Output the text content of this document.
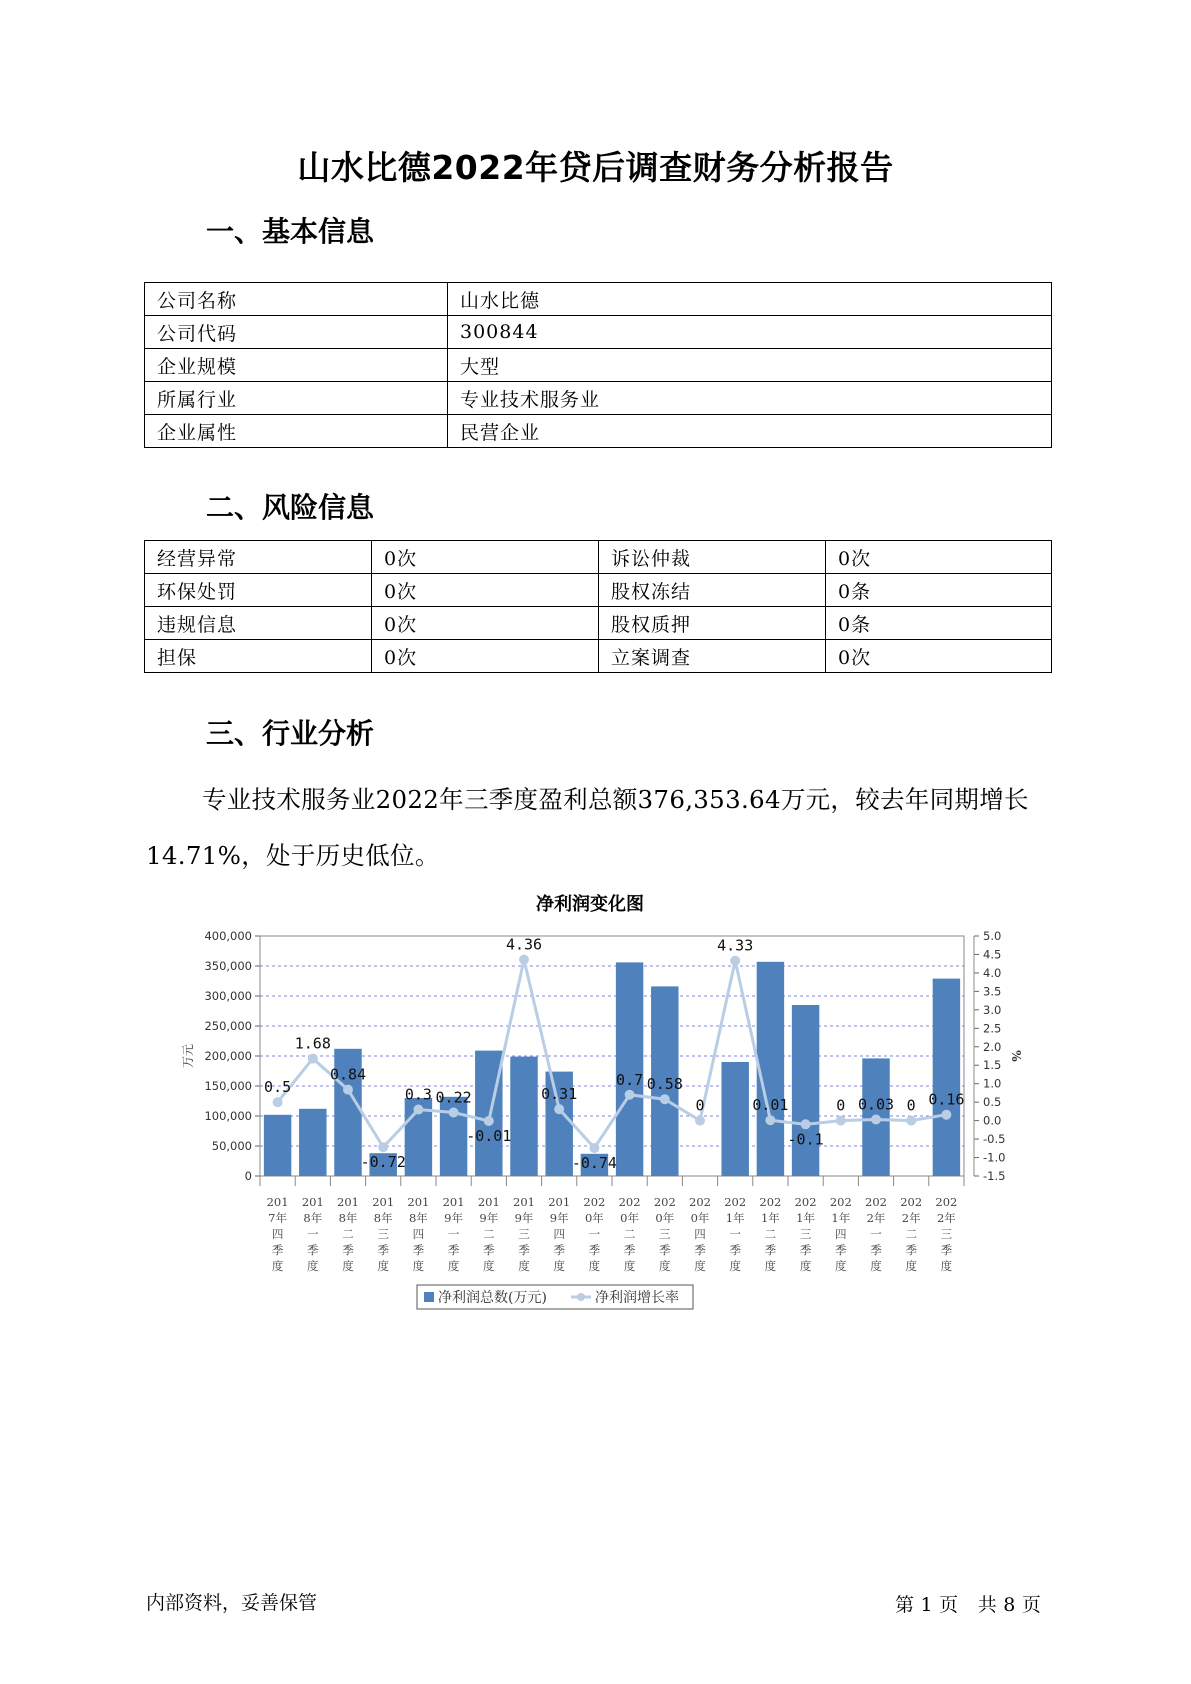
山水比德2022年贷后调查财务分析报告
一、基本信息
公司名称	山水比德
公司代码	300844
企业规模	大型
所属行业	专业技术服务业
企业属性	民营企业
二、风险信息
经营异常	0次	诉讼仲裁	0次
环保处罚	0次	股权冻结	0条
违规信息	0次	股权质押	0条
担保	0次	立案调查	0次
三、行业分析
专业技术服务业2022年三季度盈利总额376,353.64万元，较去年同期增长14.71%，处于历史低位。
净利润变化图
400,000
350,000
300,000
250,000
200,000
150,000
100,000
50,000
0
5.0
4.5
4.0
3.5
3.0
2.5
2.0
1.5
1.0
0.5
0.0
-0.5
-1.0
-1.5
万元	%
0.5
1.68
0.84
-0.72
0.3 0.22
-0.01
4.36
0.31
-0.74
0.7 0.58
0
4.33
0.01
-0.1
0 0.03 0 0.16
201 7年四季度
201 8年一季度
201 8年二季度
201 8年三季度
201 8年四季度
201 9年一季度
201 9年二季度
201 9年三季度
201 9年四季度
202 0年一季度
202 0年二季度
202 0年三季度
202 0年四季度
202 1年一季度
202 1年二季度
202 1年三季度
202 1年四季度
202 2年一季度
202 2年二季度
202 2年三季度
净利润总数(万元)	净利润增长率
内部资料，妥善保管	第 1 页 共 8 页
